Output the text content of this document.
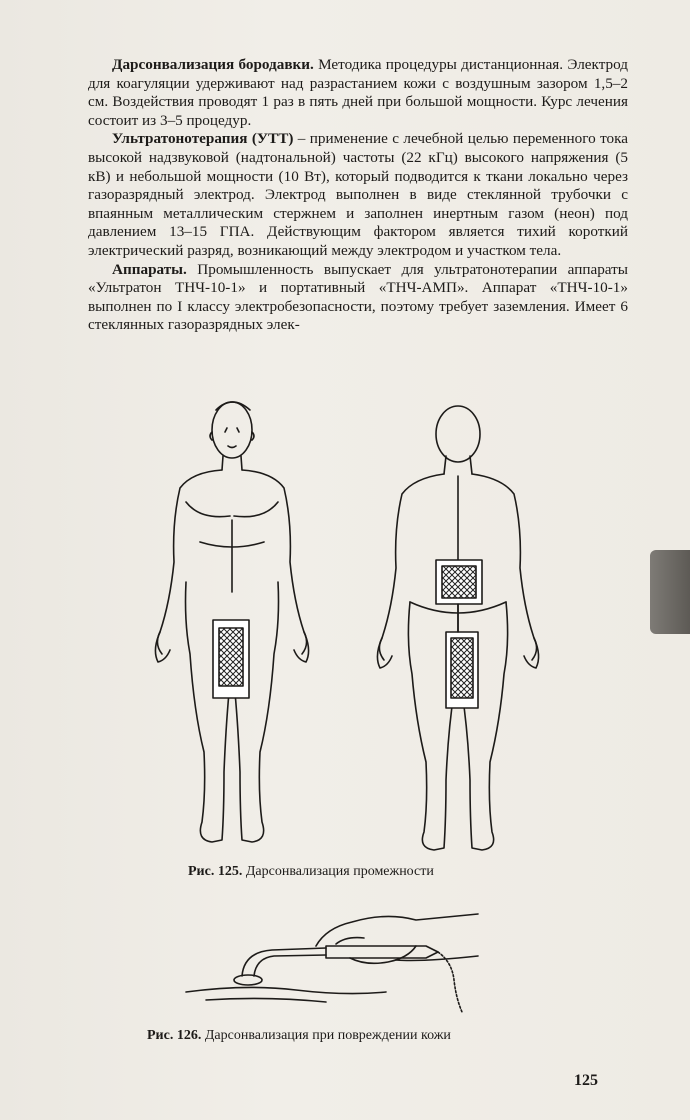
Дарсонвализация бородавки. Методика процедуры дистанционная. Электрод для коагуляции удерживают над разрастанием кожи с воздушным зазором 1,5–2 см. Воздействия проводят 1 раз в пять дней при большой мощности. Курс лечения состоит из 3–5 процедур.

Ультратонотерапия (УТТ) – применение с лечебной целью переменного тока высокой надзвуковой (надтональной) частоты (22 кГц) высокого напряжения (5 кВ) и небольшой мощности (10 Вт), который подводится к ткани локально через газоразрядный электрод. Электрод выполнен в виде стеклянной трубочки с впаянным металлическим стержнем и заполнен инертным газом (неон) под давлением 13–15 ГПА. Действующим фактором является тихий короткий электрический разряд, возникающий между электродом и участком тела.

Аппараты. Промышленность выпускает для ультратонотерапии аппараты «Ультратон ТНЧ-10-1» и портативный «ТНЧ-АМП». Аппарат «ТНЧ-10-1» выполнен по I классу электробезопасности, поэтому требует заземления. Имеет 6 стеклянных газоразрядных элек-

Рис. 125. Дарсонвализация промежности
Рис. 126. Дарсонвализация при повреждении кожи
125
